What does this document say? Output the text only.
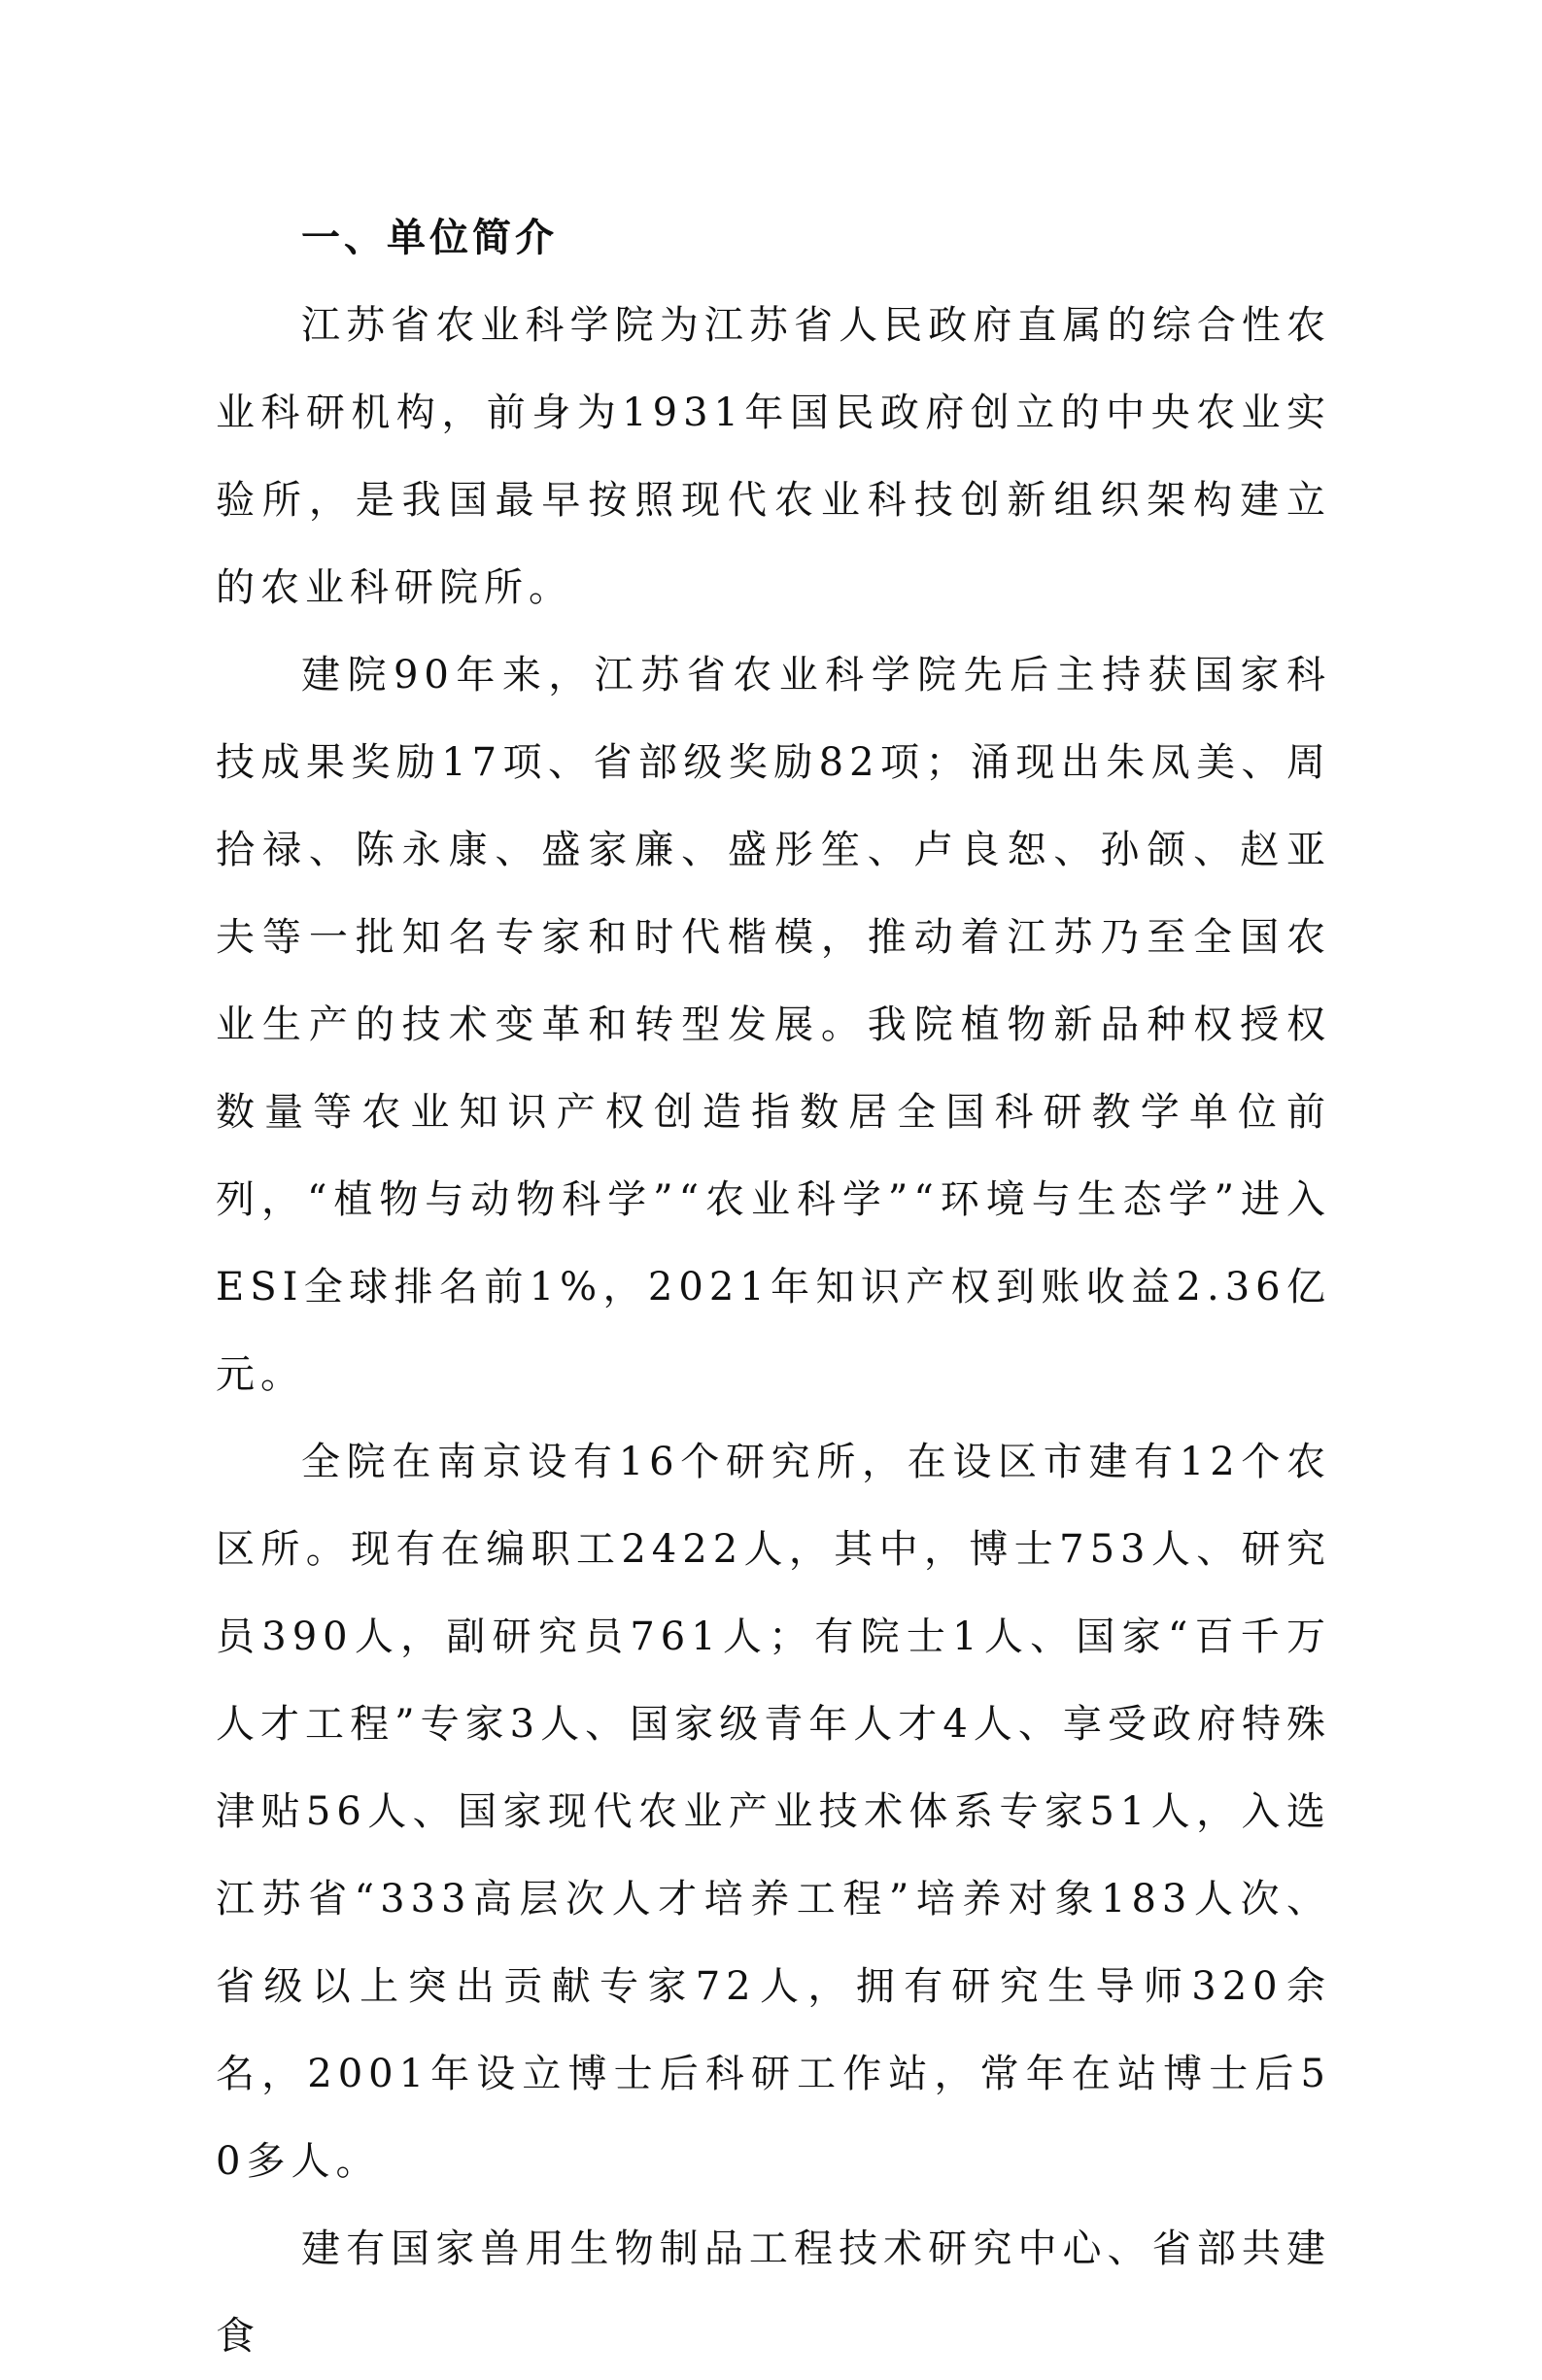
一、单位简介

江苏省农业科学院为江苏省人民政府直属的综合性农业科研机构，前身为1931年国民政府创立的中央农业实验所，是我国最早按照现代农业科技创新组织架构建立的农业科研院所。

建院90年来，江苏省农业科学院先后主持获国家科技成果奖励17项、省部级奖励82项；涌现出朱凤美、周拾禄、陈永康、盛家廉、盛彤笙、卢良恕、孙颌、赵亚夫等一批知名专家和时代楷模，推动着江苏乃至全国农业生产的技术变革和转型发展。我院植物新品种权授权数量等农业知识产权创造指数居全国科研教学单位前列，“植物与动物科学”“农业科学”“环境与生态学”进入ESI全球排名前1%，2021年知识产权到账收益2.36亿元。

全院在南京设有16个研究所，在设区市建有12个农区所。现有在编职工2422人，其中，博士753人、研究员390人，副研究员761人；有院士1人、国家“百千万人才工程”专家3人、国家级青年人才4人、享受政府特殊津贴56人、国家现代农业产业技术体系专家51人，入选江苏省“333高层次人才培养工程”培养对象183人次、省级以上突出贡献专家72人，拥有研究生导师320余名，2001年设立博士后科研工作站，常年在站博士后50多人。

建有国家兽用生物制品工程技术研究中心、省部共建食
